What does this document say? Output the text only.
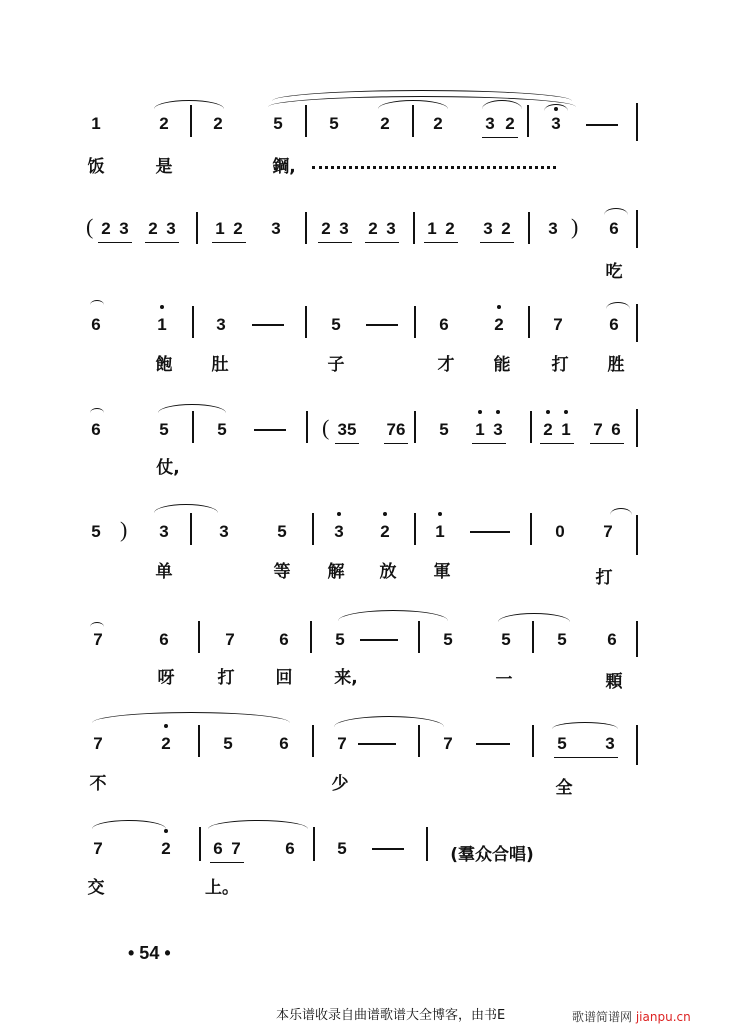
1	2	2	5	5 2	2	3 2 3
饭	是	鋼,
( 2 3 2 3 1 2 3 2 3 2 3 1 2 3 2 3 ) 6
吃
6	1	3	5	6	2	7	6
飽 肚	子	才 能 打 胜
6	5	5	( 35 76 5 1 3 2 1 7 6
仗,
5 ) 3	3	5	3 2	1	0 7
单	等 解 放 軍	打
7	6	7	6	5	5	5	5 6
呀	打 回 来,	一	顆
7	2	5	6	7	7	5 3
不	少	全
7	2	6 7	6	5	(羣众合唱)
交	上。
• 54 •
本乐谱收录自曲谱歌谱大全博客，由书E	歌谱简谱网 jianpu.cn
